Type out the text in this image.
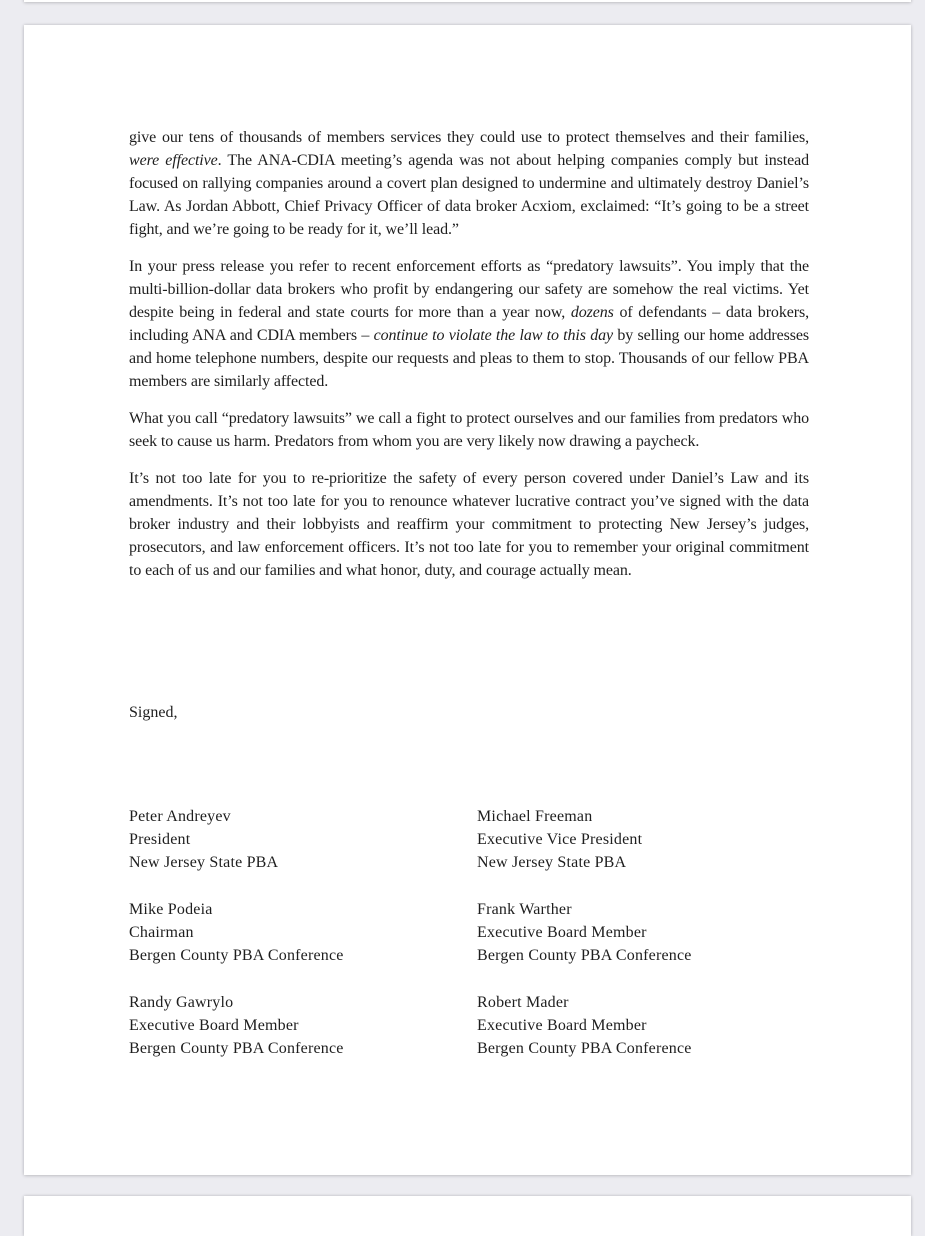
give our tens of thousands of members services they could use to protect themselves and their families, were effective. The ANA-CDIA meeting’s agenda was not about helping companies comply but instead focused on rallying companies around a covert plan designed to undermine and ultimately destroy Daniel’s Law. As Jordan Abbott, Chief Privacy Officer of data broker Acxiom, exclaimed: “It’s going to be a street fight, and we’re going to be ready for it, we’ll lead.”

In your press release you refer to recent enforcement efforts as “predatory lawsuits”. You imply that the multi-billion-dollar data brokers who profit by endangering our safety are somehow the real victims. Yet despite being in federal and state courts for more than a year now, dozens of defendants – data brokers, including ANA and CDIA members – continue to violate the law to this day by selling our home addresses and home telephone numbers, despite our requests and pleas to them to stop. Thousands of our fellow PBA members are similarly affected.

What you call “predatory lawsuits” we call a fight to protect ourselves and our families from predators who seek to cause us harm. Predators from whom you are very likely now drawing a paycheck.

It’s not too late for you to re-prioritize the safety of every person covered under Daniel’s Law and its amendments. It’s not too late for you to renounce whatever lucrative contract you’ve signed with the data broker industry and their lobbyists and reaffirm your commitment to protecting New Jersey’s judges, prosecutors, and law enforcement officers. It’s not too late for you to remember your original commitment to each of us and our families and what honor, duty, and courage actually mean.

Signed,
Peter Andreyev
President
New Jersey State PBA
Mike Podeia
Chairman
Bergen County PBA Conference
Randy Gawrylo
Executive Board Member
Bergen County PBA Conference
Michael Freeman
Executive Vice President
New Jersey State PBA
Frank Warther
Executive Board Member
Bergen County PBA Conference
Robert Mader
Executive Board Member
Bergen County PBA Conference
